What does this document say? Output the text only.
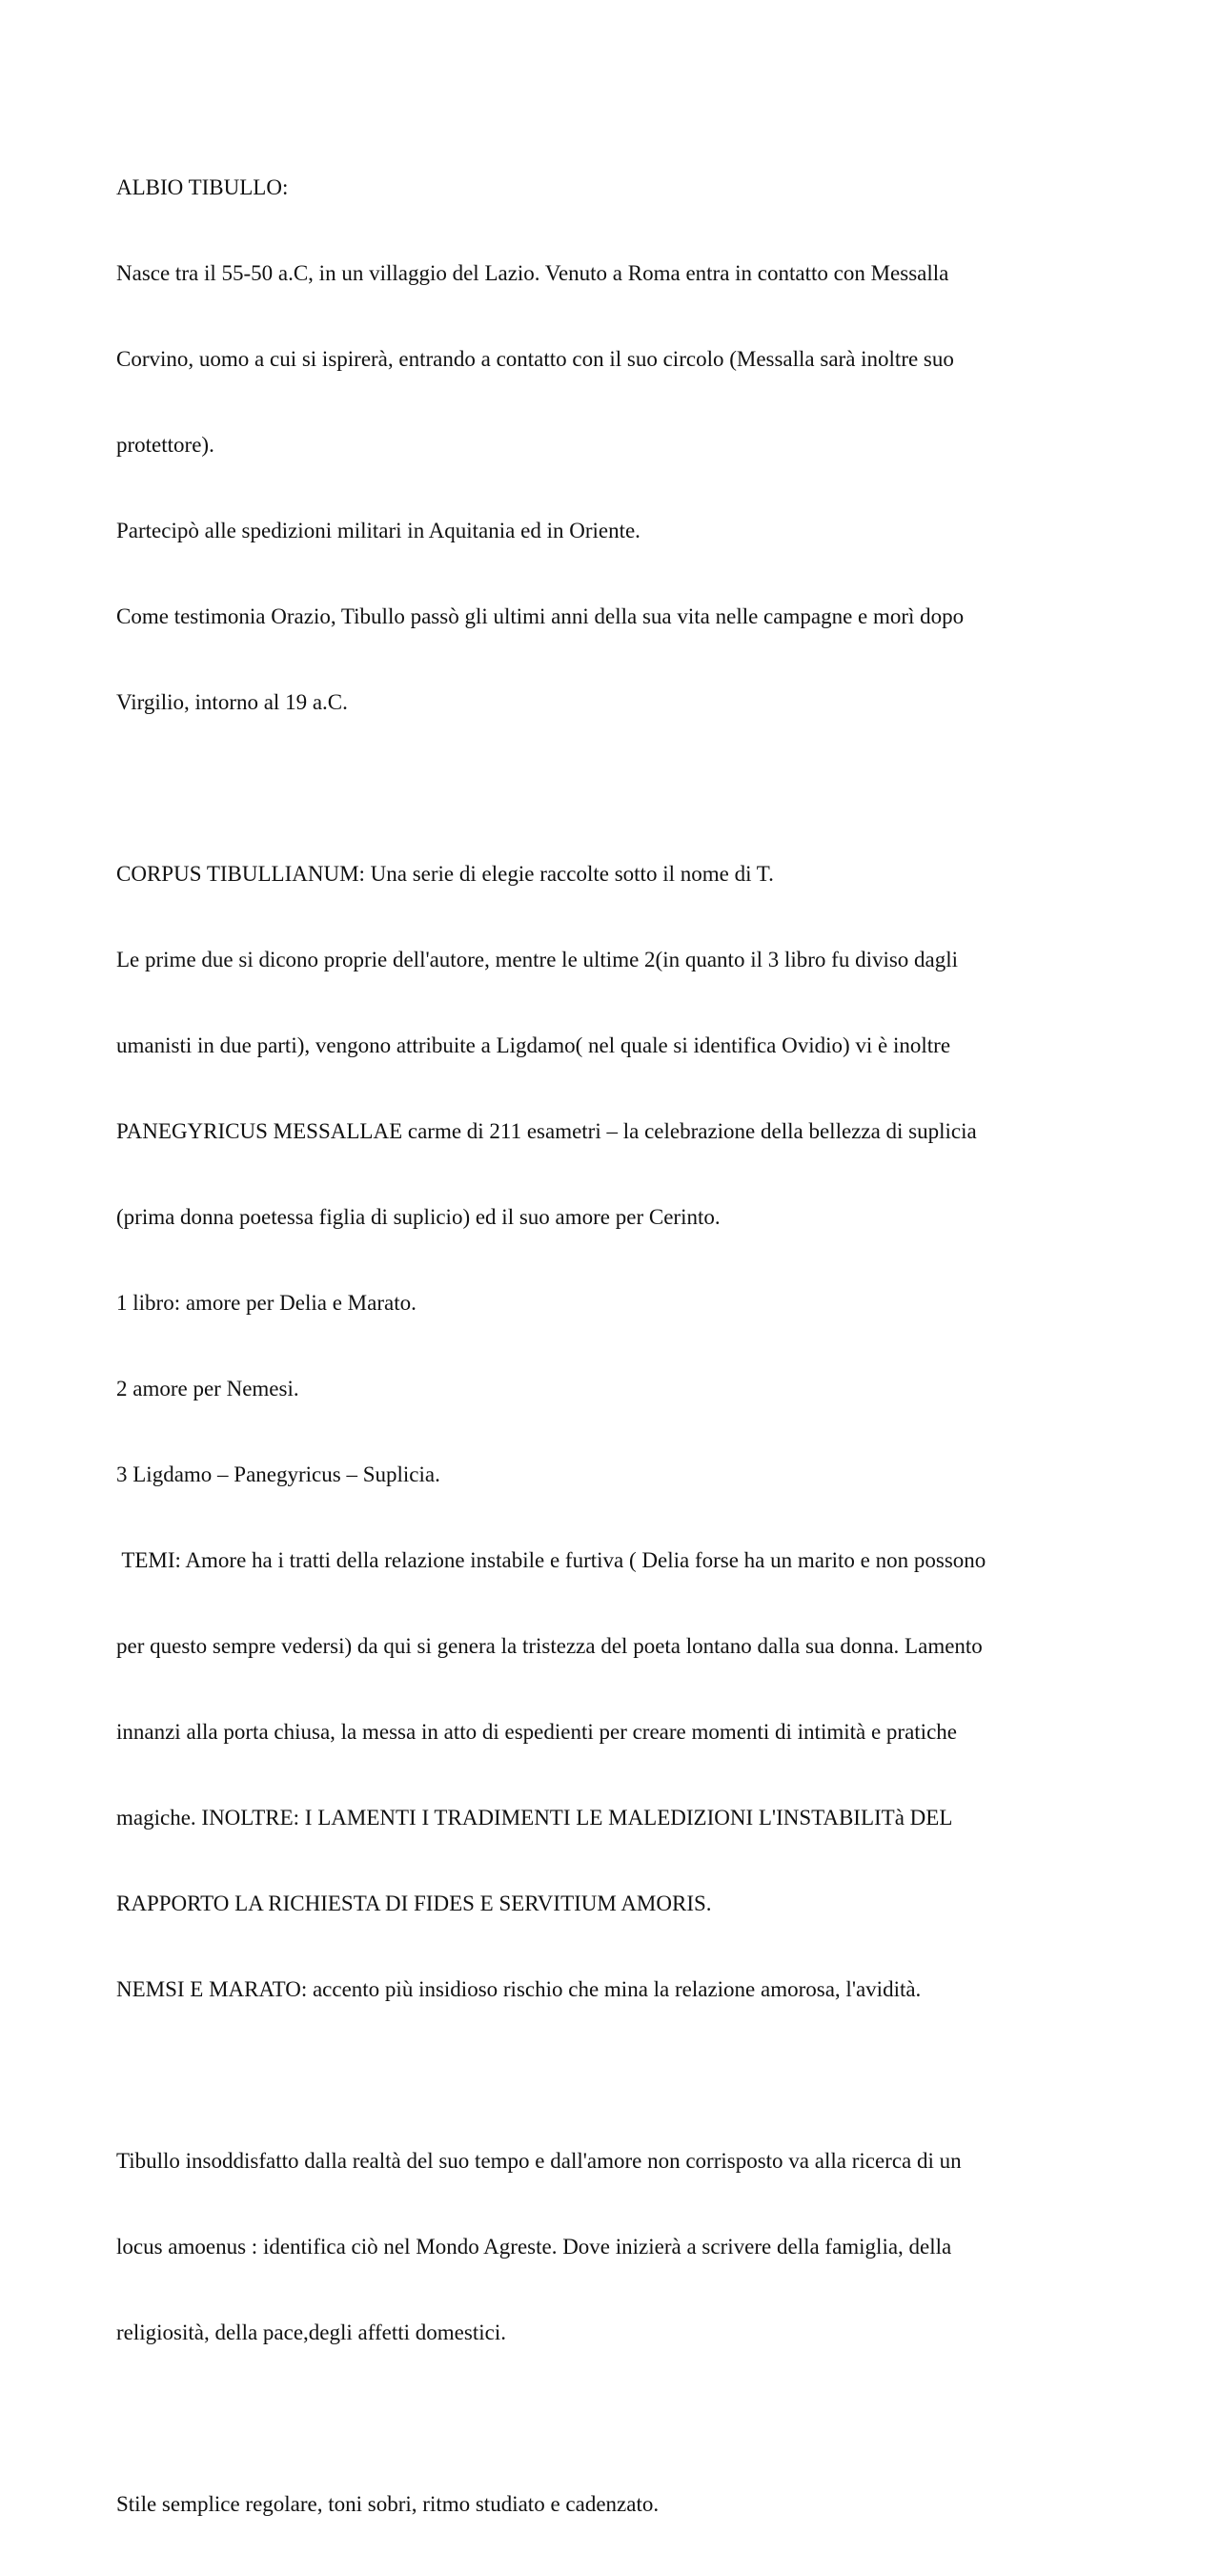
ALBIO TIBULLO:

Nasce tra il 55-50 a.C, in un villaggio del Lazio. Venuto a Roma entra in contatto con Messalla

Corvino, uomo a cui si ispirerà, entrando a contatto con il suo circolo (Messalla sarà inoltre suo

protettore).

Partecipò alle spedizioni militari in Aquitania ed in Oriente.

Come testimonia Orazio, Tibullo passò gli ultimi anni della sua vita nelle campagne e morì dopo

Virgilio, intorno al 19 a.C.

CORPUS TIBULLIANUM: Una serie di elegie raccolte sotto il nome di T.

Le prime due si dicono proprie dell'autore, mentre le ultime 2(in quanto il 3 libro fu diviso dagli

umanisti in due parti), vengono attribuite a Ligdamo( nel quale si identifica Ovidio) vi è inoltre

PANEGYRICUS MESSALLAE carme di 211 esametri – la celebrazione della bellezza di suplicia

(prima donna poetessa figlia di suplicio) ed il suo amore per Cerinto.

1 libro: amore per Delia e Marato.

2 amore per Nemesi.

3 Ligdamo – Panegyricus – Suplicia.

TEMI: Amore ha i tratti della relazione instabile e furtiva ( Delia forse ha un marito e non possono

per questo sempre vedersi) da qui si genera la tristezza del poeta lontano dalla sua donna. Lamento

innanzi alla porta chiusa, la messa in atto di espedienti per creare momenti di intimità e pratiche

magiche. INOLTRE: I LAMENTI I TRADIMENTI LE MALEDIZIONI L'INSTABILITà DEL

RAPPORTO LA RICHIESTA DI FIDES E SERVITIUM AMORIS.

NEMSI E MARATO: accento più insidioso rischio che mina la relazione amorosa, l'avidità.

Tibullo insoddisfatto dalla realtà del suo tempo e dall'amore non corrisposto va alla ricerca di un

locus amoenus : identifica ciò nel Mondo Agreste. Dove inizierà a scrivere della famiglia, della

religiosità, della pace,degli affetti domestici.

Stile semplice regolare, toni sobri, ritmo studiato e cadenzato.
